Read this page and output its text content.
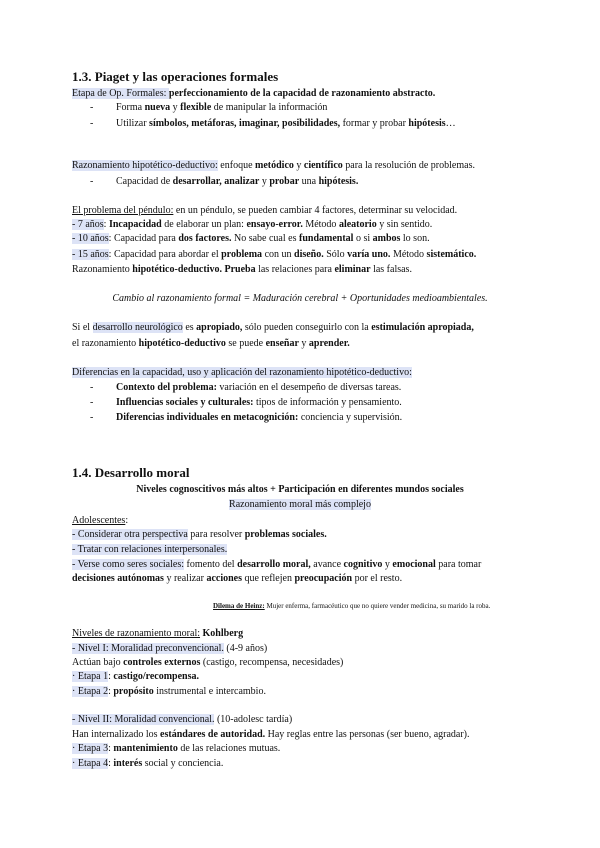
1.3. Piaget y las operaciones formales
Etapa de Op. Formales: perfeccionamiento de la capacidad de razonamiento abstracto.
- Forma nueva y flexible de manipular la información
- Utilizar símbolos, metáforas, imaginar, posibilidades, formar y probar hipótesis…
Razonamiento hipotético-deductivo: enfoque metódico y científico para la resolución de problemas.
- Capacidad de desarrollar, analizar y probar una hipótesis.
El problema del péndulo: en un péndulo, se pueden cambiar 4 factores, determinar su velocidad.
- 7 años: Incapacidad de elaborar un plan: ensayo-error. Método aleatorio y sin sentido.
- 10 años: Capacidad para dos factores. No sabe cual es fundamental o si ambos lo son.
- 15 años: Capacidad para abordar el problema con un diseño. Sólo varía uno. Método sistemático.
Razonamiento hipotético-deductivo. Prueba las relaciones para eliminar las falsas.
Cambio al razonamiento formal = Maduración cerebral + Oportunidades medioambientales.
Si el desarrollo neurológico es apropiado, sólo pueden conseguirlo con la estimulación apropiada,
el razonamiento hipotético-deductivo se puede enseñar y aprender.
Diferencias en la capacidad, uso y aplicación del razonamiento hipotético-deductivo:
- Contexto del problema: variación en el desempeño de diversas tareas.
- Influencias sociales y culturales: tipos de información y pensamiento.
- Diferencias individuales en metacognición: conciencia y supervisión.
1.4. Desarrollo moral
Niveles cognoscitivos más altos + Participación en diferentes mundos sociales
Razonamiento moral más complejo
Adolescentes:
- Considerar otra perspectiva para resolver problemas sociales.
- Tratar con relaciones interpersonales.
- Verse como seres sociales: fomento del desarrollo moral, avance cognitivo y emocional para tomar
decisiones autónomas y realizar acciones que reflejen preocupación por el resto.
Dilema de Heinz: Mujer enferma, farmacéutico que no quiere vender medicina, su marido la roba.
Niveles de razonamiento moral: Kohlberg
- Nivel I: Moralidad preconvencional. (4-9 años)
Actúan bajo controles externos (castigo, recompensa, necesidades)
· Etapa 1: castigo/recompensa.
· Etapa 2: propósito instrumental e intercambio.
- Nivel II: Moralidad convencional. (10-adolesc tardía)
Han internalizado los estándares de autoridad. Hay reglas entre las personas (ser bueno, agradar).
· Etapa 3: mantenimiento de las relaciones mutuas.
· Etapa 4: interés social y conciencia.
